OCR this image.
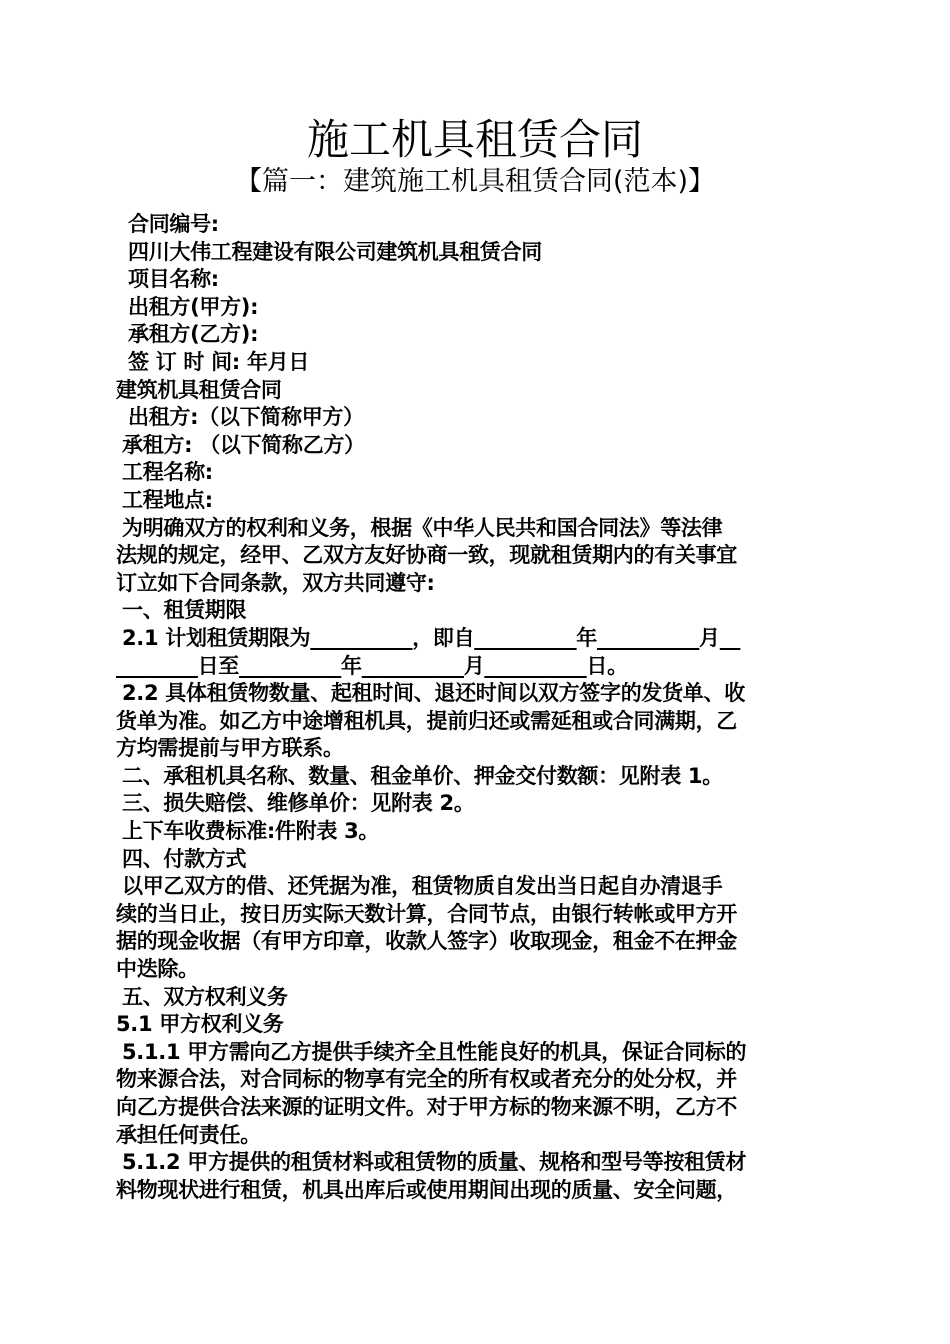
施工机具租赁合同
【篇一：建筑施工机具租赁合同(范本)】
合同编号:
四川大伟工程建设有限公司建筑机具租赁合同
项目名称:
出租方(甲方):
承租方(乙方):
签 订 时 间: 年月日
建筑机具租赁合同
出租方:（以下简称甲方）
承租方: （以下简称乙方）
工程名称:
工程地点:
为明确双方的权利和义务，根据《中华人民共和国合同法》等法律
法规的规定，经甲、乙双方友好协商一致，现就租赁期内的有关事宜
订立如下合同条款，双方共同遵守:
一、租赁期限
2.1 计划租赁期限为__________，即自__________年__________月__
________日至__________年__________月__________日。
2.2 具体租赁物数量、起租时间、退还时间以双方签字的发货单、收
货单为准。如乙方中途增租机具，提前归还或需延租或合同满期，乙
方均需提前与甲方联系。
二、承租机具名称、数量、租金单价、押金交付数额：见附表 1。
三、损失赔偿、维修单价：见附表 2。
上下车收费标准:件附表 3。
四、付款方式
以甲乙双方的借、还凭据为准，租赁物质自发出当日起自办清退手
续的当日止，按日历实际天数计算，合同节点，由银行转帐或甲方开
据的现金收据（有甲方印章，收款人签字）收取现金，租金不在押金
中迭除。
五、双方权利义务
5.1 甲方权利义务
5.1.1 甲方需向乙方提供手续齐全且性能良好的机具，保证合同标的
物来源合法，对合同标的物享有完全的所有权或者充分的处分权，并
向乙方提供合法来源的证明文件。对于甲方标的物来源不明，乙方不
承担任何责任。
5.1.2 甲方提供的租赁材料或租赁物的质量、规格和型号等按租赁材
料物现状进行租赁，机具出库后或使用期间出现的质量、安全问题，
